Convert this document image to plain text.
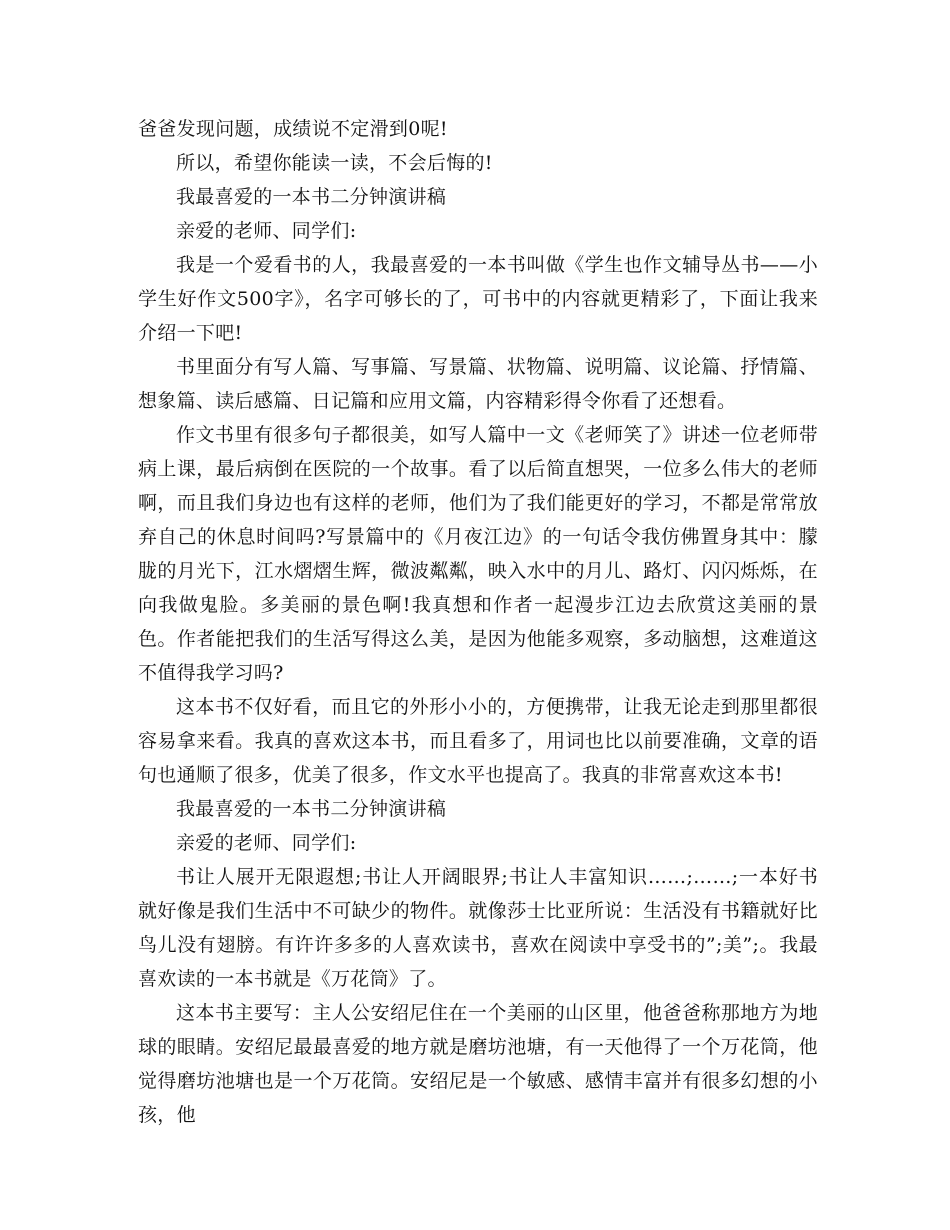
爸爸发现问题，成绩说不定滑到0呢!

所以，希望你能读一读，不会后悔的!

我最喜爱的一本书二分钟演讲稿

亲爱的老师、同学们:

我是一个爱看书的人，我最喜爱的一本书叫做《学生也作文辅导丛书——小学生好作文500字》，名字可够长的了，可书中的内容就更精彩了，下面让我来介绍一下吧!

书里面分有写人篇、写事篇、写景篇、状物篇、说明篇、议论篇、抒情篇、想象篇、读后感篇、日记篇和应用文篇，内容精彩得令你看了还想看。

作文书里有很多句子都很美，如写人篇中一文《老师笑了》讲述一位老师带病上课，最后病倒在医院的一个故事。看了以后简直想哭，一位多么伟大的老师啊，而且我们身边也有这样的老师，他们为了我们能更好的学习，不都是常常放弃自己的休息时间吗?写景篇中的《月夜江边》的一句话令我仿佛置身其中：朦胧的月光下，江水熠熠生辉，微波粼粼，映入水中的月儿、路灯、闪闪烁烁，在向我做鬼脸。多美丽的景色啊!我真想和作者一起漫步江边去欣赏这美丽的景色。作者能把我们的生活写得这么美，是因为他能多观察，多动脑想，这难道这不值得我学习吗?

这本书不仅好看，而且它的外形小小的，方便携带，让我无论走到那里都很容易拿来看。我真的喜欢这本书，而且看多了，用词也比以前要准确，文章的语句也通顺了很多，优美了很多，作文水平也提高了。我真的非常喜欢这本书!

我最喜爱的一本书二分钟演讲稿

亲爱的老师、同学们:

书让人展开无限遐想;书让人开阔眼界;书让人丰富知识……;……;一本好书就好像是我们生活中不可缺少的物件。就像莎士比亚所说：生活没有书籍就好比鸟儿没有翅膀。有许许多多的人喜欢读书，喜欢在阅读中享受书的”;美”;。我最喜欢读的一本书就是《万花筒》了。

这本书主要写：主人公安绍尼住在一个美丽的山区里，他爸爸称那地方为地球的眼睛。安绍尼最最喜爱的地方就是磨坊池塘，有一天他得了一个万花筒，他觉得磨坊池塘也是一个万花筒。安绍尼是一个敏感、感情丰富并有很多幻想的小孩，他
